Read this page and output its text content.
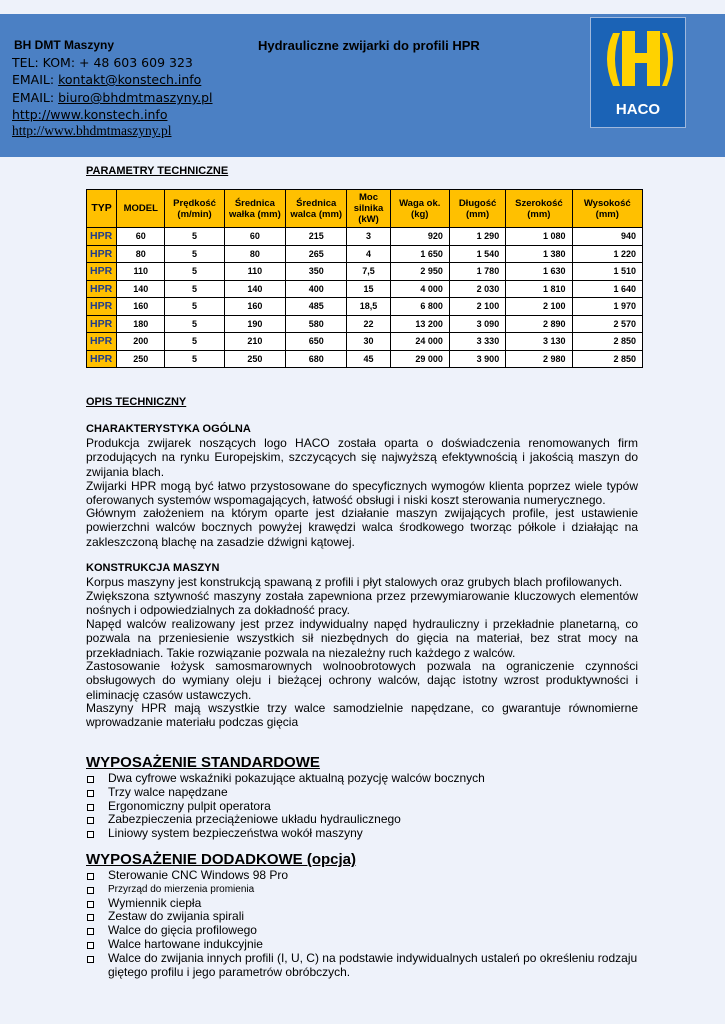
BH DMT Maszyny
TEL: KOM: + 48 603 609 323
EMAIL: kontakt@konstech.info
EMAIL: biuro@bhdmtmaszyny.pl
http://www.konstech.info
http://www.bhdmtmaszyny.pl
Hydrauliczne zwijarki do profili HPR
HACO
PARAMETRY TECHNICZNE
TYP	MODEL	Prędkość (m/min)	Średnica wałka (mm)	Średnica walca (mm)	Moc silnika (kW)	Waga ok. (kg)	Długość (mm)	Szerokość (mm)	Wysokość (mm)
HPR	60	5	60	215	3	920	1 290	1 080	940
HPR	80	5	80	265	4	1 650	1 540	1 380	1 220
HPR	110	5	110	350	7,5	2 950	1 780	1 630	1 510
HPR	140	5	140	400	15	4 000	2 030	1 810	1 640
HPR	160	5	160	485	18,5	6 800	2 100	2 100	1 970
HPR	180	5	190	580	22	13 200	3 090	2 890	2 570
HPR	200	5	210	650	30	24 000	3 330	3 130	2 850
HPR	250	5	250	680	45	29 000	3 900	2 980	2 850
OPIS TECHNICZNY
CHARAKTERYSTYKA OGÓLNA
Produkcja zwijarek noszących logo HACO została oparta o doświadczenia renomowanych firm przodujących na rynku Europejskim, szczycących się najwyższą efektywnością i jakością maszyn do zwijania blach.
Zwijarki HPR mogą być łatwo przystosowane do specyficznych wymogów klienta poprzez wiele typów oferowanych systemów wspomagających, łatwość obsługi i niski koszt sterowania numerycznego.
Głównym założeniem na którym oparte jest działanie maszyn zwijających profile, jest ustawienie powierzchni walców bocznych powyżej krawędzi walca środkowego tworząc półkole i działając na zakleszczoną blachę na zasadzie dźwigni kątowej.
KONSTRUKCJA MASZYN
Korpus maszyny jest konstrukcją spawaną z profili i płyt stalowych oraz grubych blach profilowanych.
Zwiększona sztywność maszyny została zapewniona przez przewymiarowanie kluczowych elementów nośnych i odpowiedzialnych za dokładność pracy.
Napęd walców realizowany jest przez indywidualny napęd hydrauliczny i przekładnie planetarną, co pozwala na przeniesienie wszystkich sił niezbędnych do gięcia na materiał, bez strat mocy na przekładniach. Takie rozwiązanie pozwala na niezależny ruch każdego z walców.
Zastosowanie łożysk samosmarownych wolnoobrotowych pozwala na ograniczenie czynności obsługowych do wymiany oleju i bieżącej ochrony walców, dając istotny wzrost produktywności i eliminację czasów ustawczych.
Maszyny HPR mają wszystkie trzy walce samodzielnie napędzane, co gwarantuje równomierne wprowadzanie materiału podczas gięcia
WYPOSAŻENIE STANDARDOWE
Dwa cyfrowe wskaźniki pokazujące aktualną pozycję walców bocznych
Trzy walce napędzane
Ergonomiczny pulpit operatora
Zabezpieczenia przeciążeniowe układu hydraulicznego
Liniowy system bezpieczeństwa wokół maszyny
WYPOSAŻENIE DODADKOWE (opcja)
Sterowanie CNC Windows 98 Pro
Przyrząd do mierzenia promienia
Wymiennik ciepła
Zestaw do zwijania spirali
Walce do gięcia profilowego
Walce hartowane indukcyjnie
Walce do zwijania innych profili (I, U, C) na podstawie indywidualnych ustaleń po określeniu rodzaju giętego profilu i jego parametrów obróbczych.
